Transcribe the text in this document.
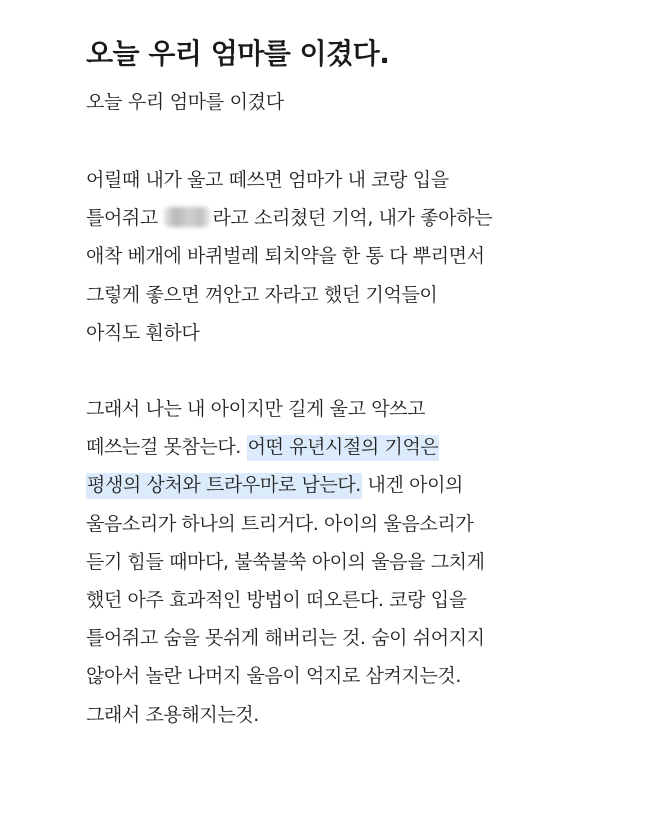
오늘 우리 엄마를 이겼다.

오늘 우리 엄마를 이겼다

어릴때 내가 울고 떼쓰면 엄마가 내 코랑 입을
틀어쥐고	라고 소리쳤던 기억, 내가 좋아하는
애착 베개에 바퀴벌레 퇴치약을 한 통 다 뿌리면서
그렇게 좋으면 껴안고 자라고 했던 기억들이
아직도 훤하다

그래서 나는 내 아이지만 길게 울고 악쓰고
떼쓰는걸 못참는다. 어떤 유년시절의 기억은
평생의 상처와 트라우마로 남는다. 내겐 아이의
울음소리가 하나의 트리거다. 아이의 울음소리가
듣기 힘들 때마다, 불쑥불쑥 아이의 울음을 그치게
했던 아주 효과적인 방법이 떠오른다. 코랑 입을
틀어쥐고 숨을 못쉬게 해버리는 것. 숨이 쉬어지지
않아서 놀란 나머지 울음이 억지로 삼켜지는것.
그래서 조용해지는것.
